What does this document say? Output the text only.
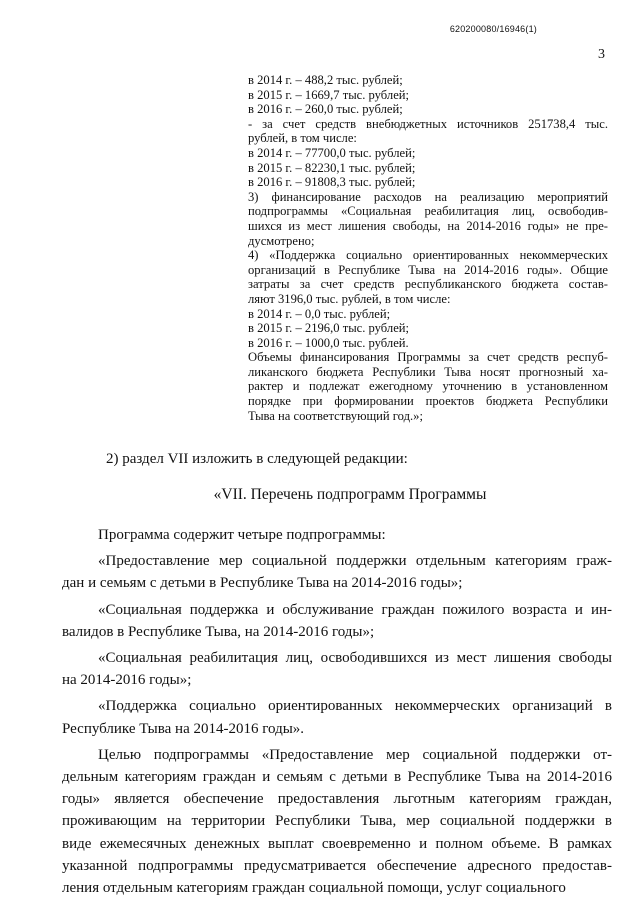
620200080/16946(1)
3
в 2014 г. – 488,2 тыс. рублей;
в 2015 г. – 1669,7 тыс. рублей;
в 2016 г. – 260,0 тыс. рублей;
- за счет средств внебюджетных источников 251738,4 тыс.
рублей, в том числе:
в 2014 г. – 77700,0 тыс. рублей;
в 2015 г. – 82230,1 тыс. рублей;
в 2016 г. – 91808,3 тыс. рублей;
3) финансирование расходов на реализацию мероприятий
подпрограммы «Социальная реабилитация лиц, освободив-
шихся из мест лишения свободы, на 2014-2016 годы» не пре-
дусмотрено;
4) «Поддержка социально ориентированных некоммерческих
организаций в Республике Тыва на 2014-2016 годы». Общие
затраты за счет средств республиканского бюджета состав-
ляют 3196,0 тыс. рублей, в том числе:
в 2014 г. – 0,0 тыс. рублей;
в 2015 г. – 2196,0 тыс. рублей;
в 2016 г. – 1000,0 тыс. рублей.
Объемы финансирования Программы за счет средств респуб-
ликанского бюджета Республики Тыва носят прогнозный ха-
рактер и подлежат ежегодному уточнению в установленном
порядке при формировании проектов бюджета Республики
Тыва на соответствующий год.»;
2) раздел VII изложить в следующей редакции:
«VII. Перечень подпрограмм Программы
Программа содержит четыре подпрограммы:
«Предоставление мер социальной поддержки отдельным категориям граж-
дан и семьям с детьми в Республике Тыва на 2014-2016 годы»;
«Социальная поддержка и обслуживание граждан пожилого возраста и ин-
валидов в Республике Тыва, на 2014-2016 годы»;
«Социальная реабилитация лиц, освободившихся из мест лишения свободы
на 2014-2016 годы»;
«Поддержка социально ориентированных некоммерческих организаций в
Республике Тыва на 2014-2016 годы».
Целью подпрограммы «Предоставление мер социальной поддержки от-
дельным категориям граждан и семьям с детьми в Республике Тыва на 2014-2016
годы» является обеспечение предоставления льготным категориям граждан,
проживающим на территории Республики Тыва, мер социальной поддержки в
виде ежемесячных денежных выплат своевременно и полном объеме. В рамках
указанной подпрограммы предусматривается обеспечение адресного предостав-
ления отдельным категориям граждан социальной помощи, услуг социального
